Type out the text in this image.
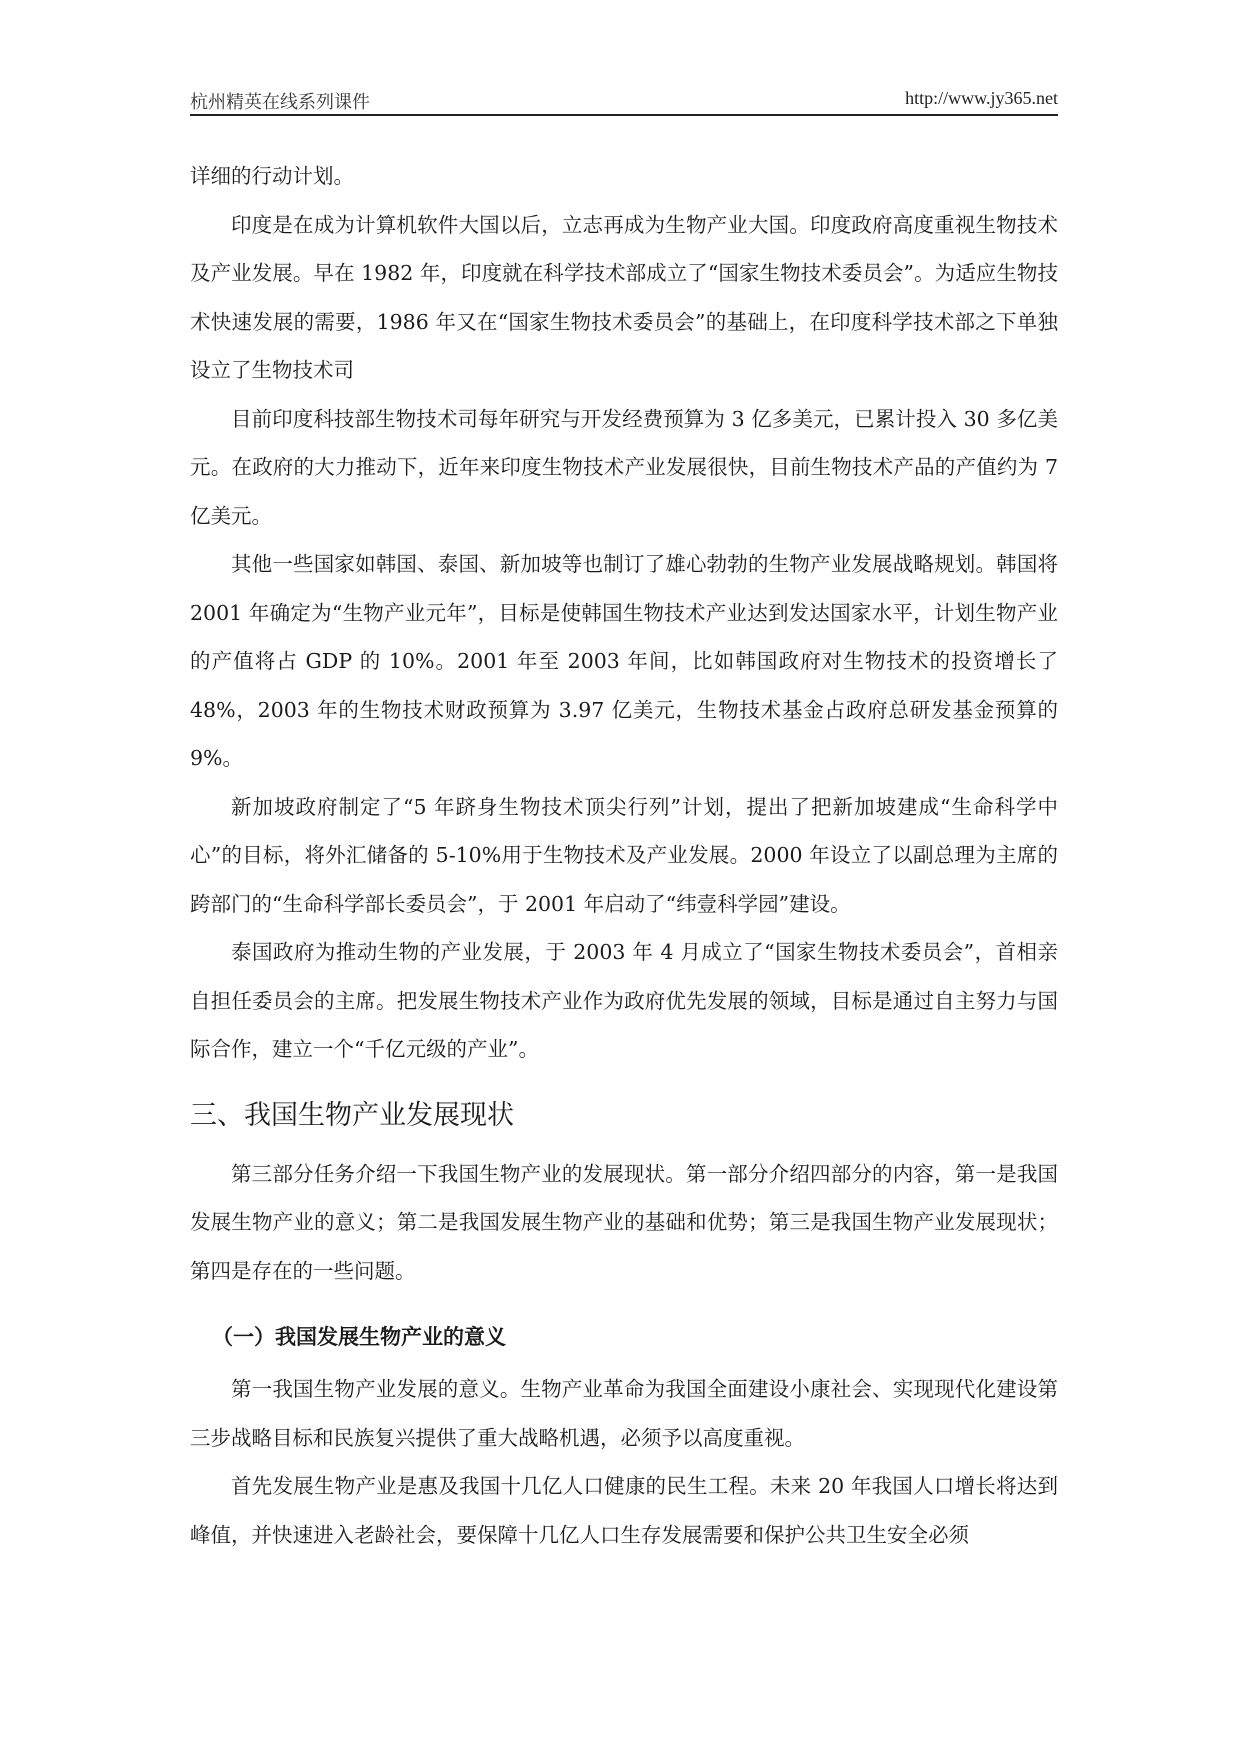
杭州精英在线系列课件	http://www.jy365.net

详细的行动计划。

印度是在成为计算机软件大国以后，立志再成为生物产业大国。印度政府高度重视生物技术及产业发展。早在 1982 年，印度就在科学技术部成立了“国家生物技术委员会”。为适应生物技术快速发展的需要，1986 年又在“国家生物技术委员会”的基础上，在印度科学技术部之下单独设立了生物技术司

目前印度科技部生物技术司每年研究与开发经费预算为 3 亿多美元，已累计投入 30 多亿美元。在政府的大力推动下，近年来印度生物技术产业发展很快，目前生物技术产品的产值约为 7 亿美元。

其他一些国家如韩国、泰国、新加坡等也制订了雄心勃勃的生物产业发展战略规划。韩国将 2001 年确定为“生物产业元年”，目标是使韩国生物技术产业达到发达国家水平，计划生物产业的产值将占 GDP 的 10%。2001 年至 2003 年间，比如韩国政府对生物技术的投资增长了 48%，2003 年的生物技术财政预算为 3.97 亿美元，生物技术基金占政府总研发基金预算的 9%。

新加坡政府制定了“5 年跻身生物技术顶尖行列”计划，提出了把新加坡建成“生命科学中心”的目标，将外汇储备的 5-10%用于生物技术及产业发展。2000 年设立了以副总理为主席的跨部门的“生命科学部长委员会”，于 2001 年启动了“纬壹科学园”建设。

泰国政府为推动生物的产业发展，于 2003 年 4 月成立了“国家生物技术委员会”，首相亲自担任委员会的主席。把发展生物技术产业作为政府优先发展的领域，目标是通过自主努力与国际合作，建立一个“千亿元级的产业”。

三、我国生物产业发展现状

第三部分任务介绍一下我国生物产业的发展现状。第一部分介绍四部分的内容，第一是我国发展生物产业的意义；第二是我国发展生物产业的基础和优势；第三是我国生物产业发展现状；第四是存在的一些问题。

（一）我国发展生物产业的意义

第一我国生物产业发展的意义。生物产业革命为我国全面建设小康社会、实现现代化建设第三步战略目标和民族复兴提供了重大战略机遇，必须予以高度重视。

首先发展生物产业是惠及我国十几亿人口健康的民生工程。未来 20 年我国人口增长将达到峰值，并快速进入老龄社会，要保障十几亿人口生存发展需要和保护公共卫生安全必须
